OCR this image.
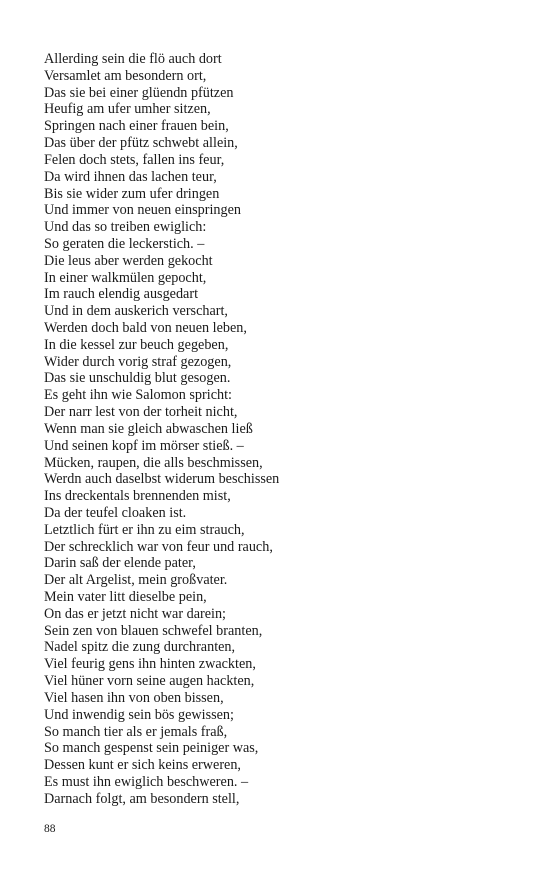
Allerding sein die flö auch dort
Versamlet am besondern ort,
Das sie bei einer glüendn pfützen
Heufig am ufer umher sitzen,
Springen nach einer frauen bein,
Das über der pfütz schwebt allein,
Felen doch stets, fallen ins feur,
Da wird ihnen das lachen teur,
Bis sie wider zum ufer dringen
Und immer von neuen einspringen
Und das so treiben ewiglich:
So geraten die leckerstich. –
Die leus aber werden gekocht
In einer walkmülen gepocht,
Im rauch elendig ausgedart
Und in dem auskerich verschart,
Werden doch bald von neuen leben,
In die kessel zur beuch gegeben,
Wider durch vorig straf gezogen,
Das sie unschuldig blut gesogen.
Es geht ihn wie Salomon spricht:
Der narr lest von der torheit nicht,
Wenn man sie gleich abwaschen ließ
Und seinen kopf im mörser stieß. –
Mücken, raupen, die alls beschmissen,
Werdn auch daselbst widerum beschissen
Ins dreckentals brennenden mist,
Da der teufel cloaken ist.
Letztlich fürt er ihn zu eim strauch,
Der schrecklich war von feur und rauch,
Darin saß der elende pater,
Der alt Argelist, mein großvater.
Mein vater litt dieselbe pein,
On das er jetzt nicht war darein;
Sein zen von blauen schwefel branten,
Nadel spitz die zung durchranten,
Viel feurig gens ihn hinten zwackten,
Viel hüner vorn seine augen hackten,
Viel hasen ihn von oben bissen,
Und inwendig sein bös gewissen;
So manch tier als er jemals fraß,
So manch gespenst sein peiniger was,
Dessen kunt er sich keins erweren,
Es must ihn ewiglich beschweren. –
Darnach folgt, am besondern stell,
88
